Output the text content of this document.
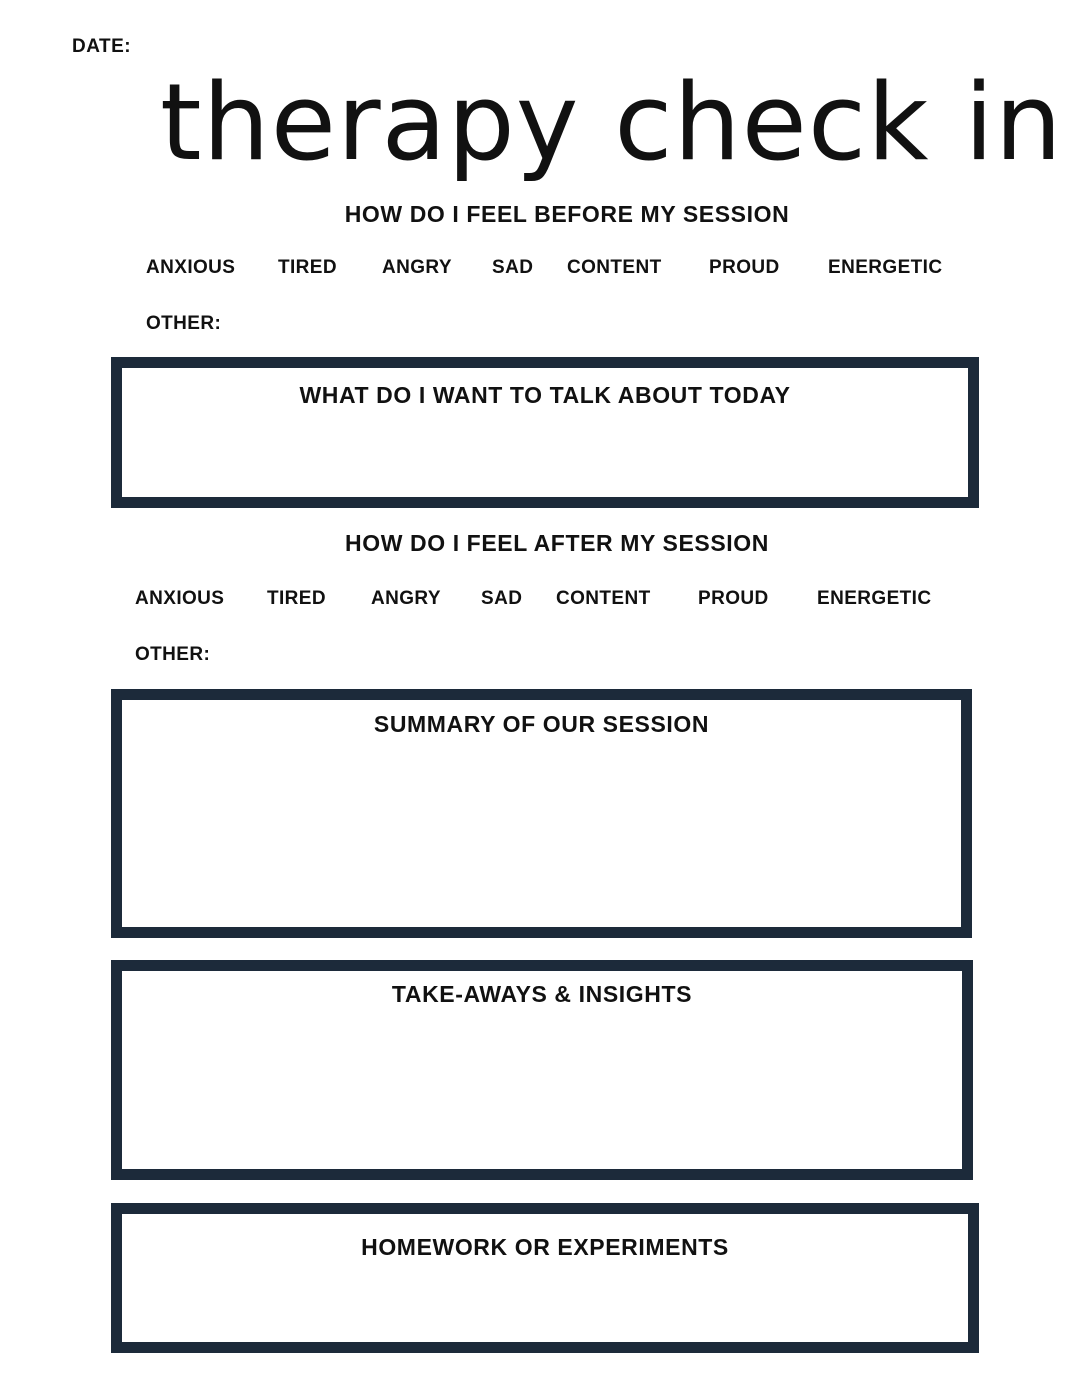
DATE:
therapy check in
HOW DO I FEEL BEFORE MY SESSION
ANXIOUS TIRED ANGRY SAD CONTENT PROUD	ENERGETIC
OTHER:
WHAT DO I WANT TO TALK ABOUT TODAY
HOW DO I FEEL AFTER MY SESSION
ANXIOUS TIRED ANGRY SAD CONTENT PROUD	ENERGETIC
OTHER:
SUMMARY OF OUR SESSION
TAKE-AWAYS & INSIGHTS
HOMEWORK OR EXPERIMENTS
